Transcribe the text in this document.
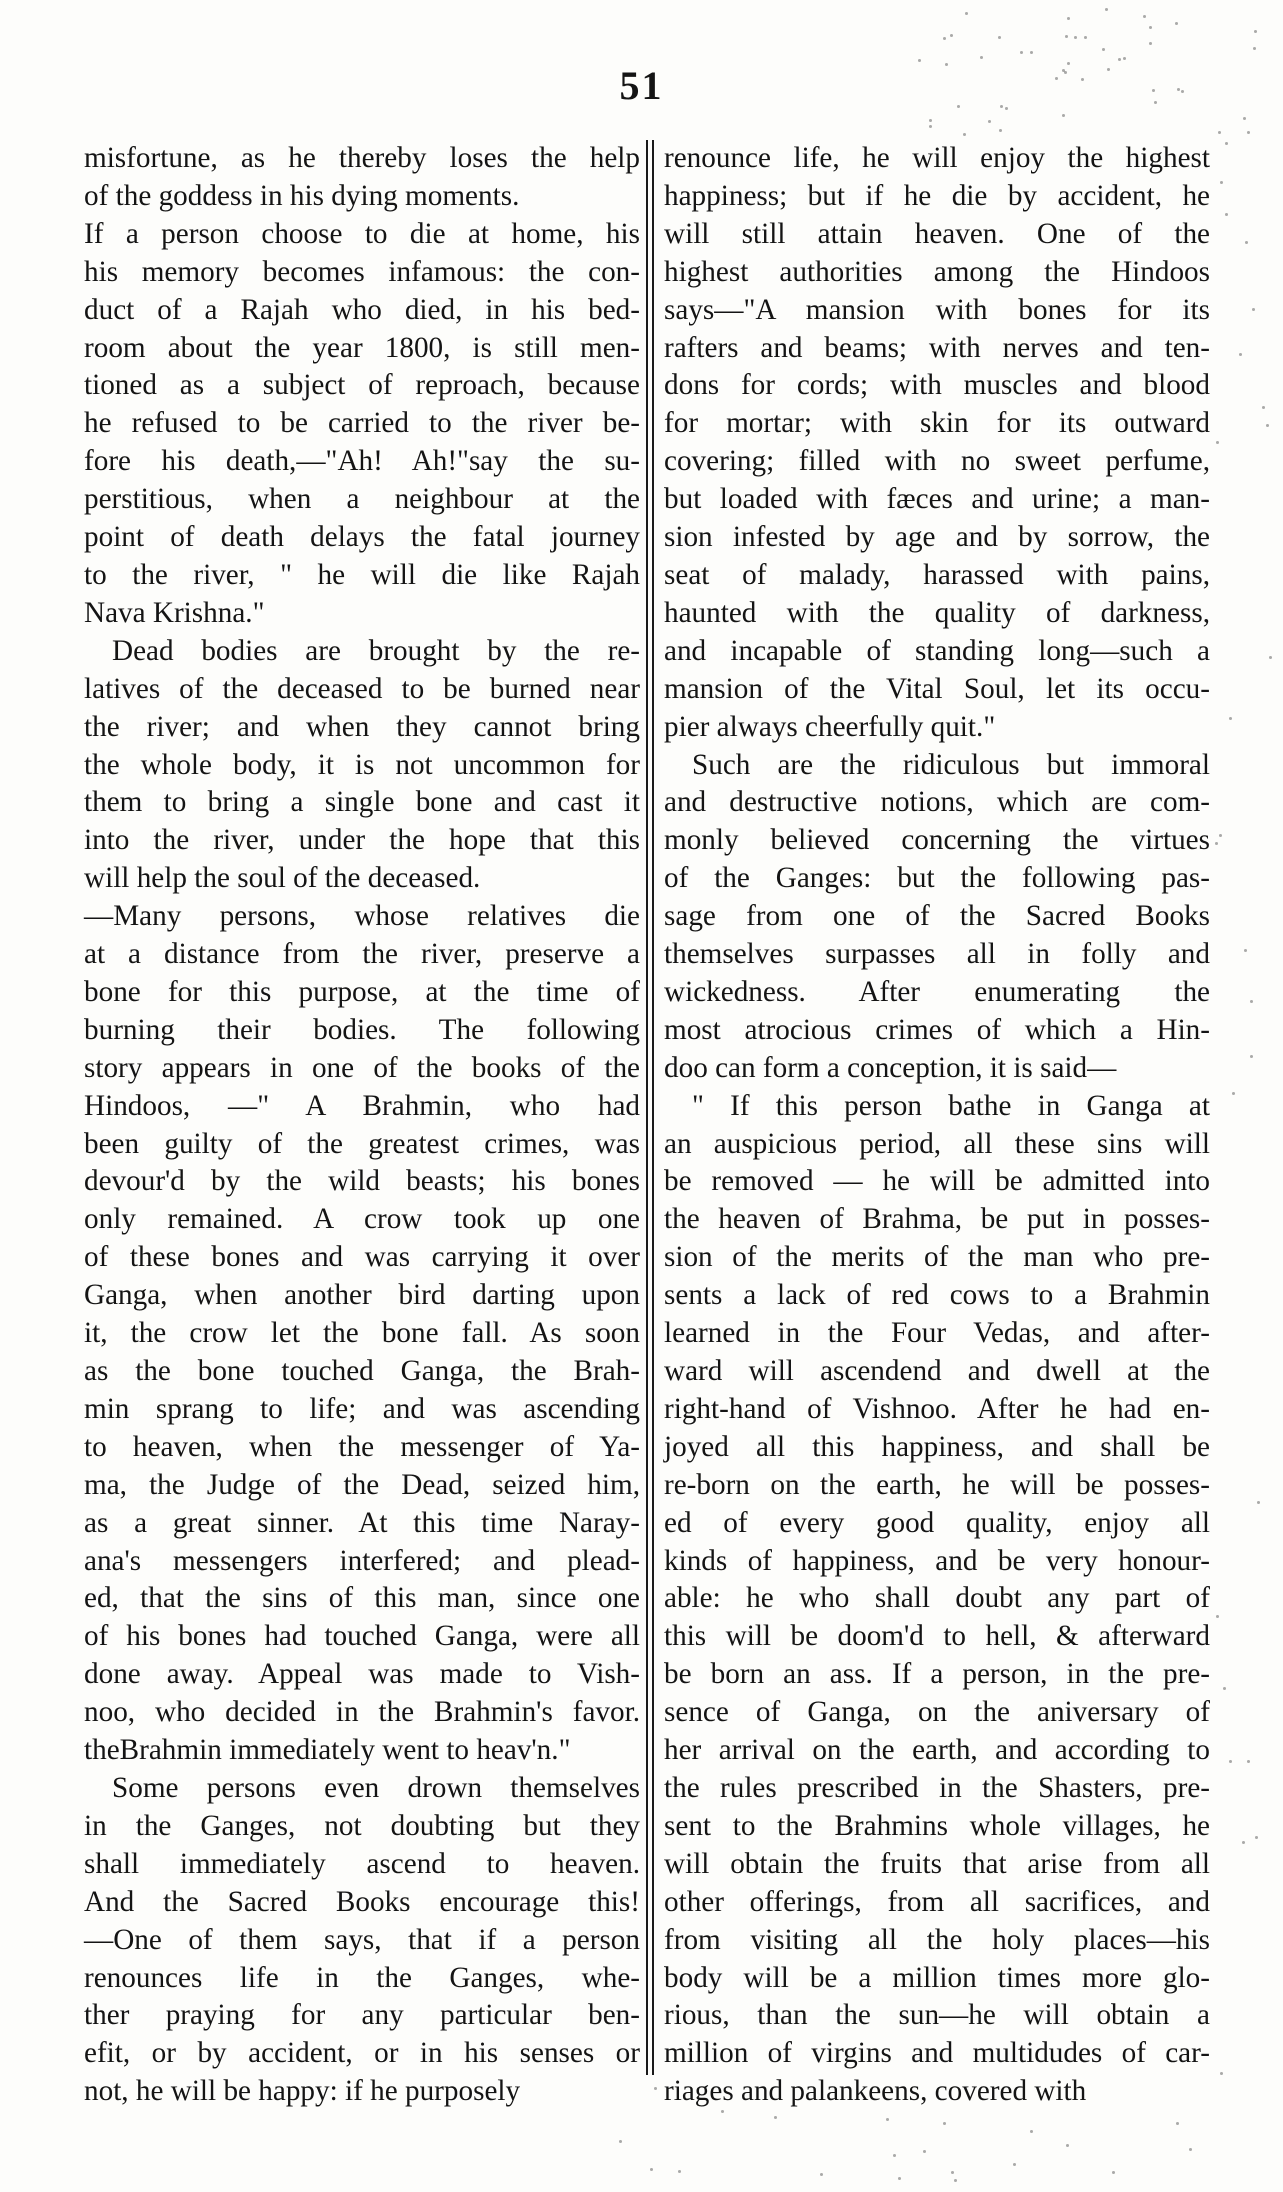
51
misfortune, as he thereby loses the help
of the goddess in his dying moments.
If a person choose to die at home, his
his memory becomes infamous: the con-
duct of a Rajah who died, in his bed-
room about the year 1800, is still men-
tioned as a subject of reproach, because
he refused to be carried to the river be-
fore his death,—"Ah! Ah!"say the su-
perstitious, when a neighbour at the
point of death delays the fatal journey
to the river, " he will die like Rajah
Nava Krishna."
Dead bodies are brought by the re-
latives of the deceased to be burned near
the river; and when they cannot bring
the whole body, it is not uncommon for
them to bring a single bone and cast it
into the river, under the hope that this
will help the soul of the deceased.
—Many persons, whose relatives die
at a distance from the river, preserve a
bone for this purpose, at the time of
burning their bodies. The following
story appears in one of the books of the
Hindoos, —" A Brahmin, who had
been guilty of the greatest crimes, was
devour'd by the wild beasts; his bones
only remained. A crow took up one
of these bones and was carrying it over
Ganga, when another bird darting upon
it, the crow let the bone fall. As soon
as the bone touched Ganga, the Brah-
min sprang to life; and was ascending
to heaven, when the messenger of Ya-
ma, the Judge of the Dead, seized him,
as a great sinner. At this time Naray-
ana's messengers interfered; and plead-
ed, that the sins of this man, since one
of his bones had touched Ganga, were all
done away. Appeal was made to Vish-
noo, who decided in the Brahmin's favor.
theBrahmin immediately went to heav'n."
Some persons even drown themselves
in the Ganges, not doubting but they
shall immediately ascend to heaven.
And the Sacred Books encourage this!
—One of them says, that if a person
renounces life in the Ganges, whe-
ther praying for any particular ben-
efit, or by accident, or in his senses or
not, he will be happy: if he purposely
renounce life, he will enjoy the highest
happiness; but if he die by accident, he
will still attain heaven. One of the
highest authorities among the Hindoos
says—"A mansion with bones for its
rafters and beams; with nerves and ten-
dons for cords; with muscles and blood
for mortar; with skin for its outward
covering; filled with no sweet perfume,
but loaded with fæces and urine; a man-
sion infested by age and by sorrow, the
seat of malady, harassed with pains,
haunted with the quality of darkness,
and incapable of standing long—such a
mansion of the Vital Soul, let its occu-
pier always cheerfully quit."
Such are the ridiculous but immoral
and destructive notions, which are com-
monly believed concerning the virtues
of the Ganges: but the following pas-
sage from one of the Sacred Books
themselves surpasses all in folly and
wickedness. After enumerating the
most atrocious crimes of which a Hin-
doo can form a conception, it is said—
" If this person bathe in Ganga at
an auspicious period, all these sins will
be removed — he will be admitted into
the heaven of Brahma, be put in posses-
sion of the merits of the man who pre-
sents a lack of red cows to a Brahmin
learned in the Four Vedas, and after-
ward will ascendend and dwell at the
right-hand of Vishnoo. After he had en-
joyed all this happiness, and shall be
re-born on the earth, he will be posses-
ed of every good quality, enjoy all
kinds of happiness, and be very honour-
able: he who shall doubt any part of
this will be doom'd to hell, & afterward
be born an ass. If a person, in the pre-
sence of Ganga, on the aniversary of
her arrival on the earth, and according to
the rules prescribed in the Shasters, pre-
sent to the Brahmins whole villages, he
will obtain the fruits that arise from all
other offerings, from all sacrifices, and
from visiting all the holy places—his
body will be a million times more glo-
rious, than the sun—he will obtain a
million of virgins and multidudes of car-
riages and palankeens, covered with
